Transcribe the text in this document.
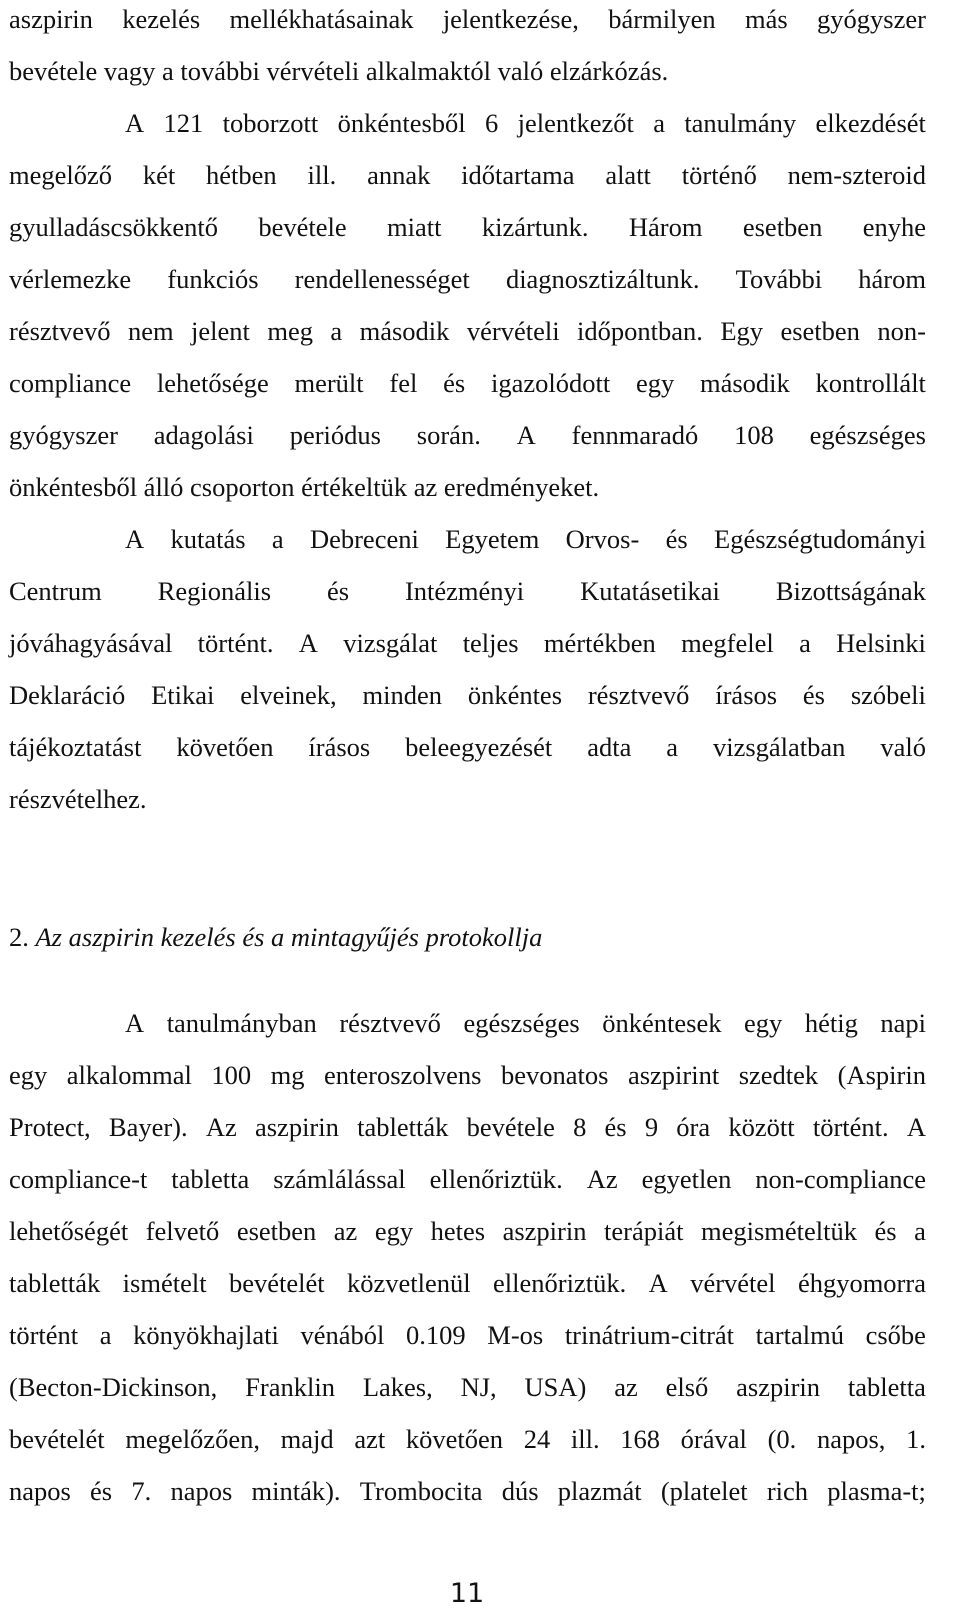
aszpirin kezelés mellékhatásainak jelentkezése, bármilyen más gyógyszer
bevétele vagy a további vérvételi alkalmaktól való elzárkózás.
A 121 toborzott önkéntesből 6 jelentkezőt a tanulmány elkezdését
megelőző két hétben ill. annak időtartama alatt történő nem-szteroid
gyulladáscsökkentő bevétele miatt kizártunk. Három esetben enyhe
vérlemezke funkciós rendellenességet diagnosztizáltunk. További három
résztvevő nem jelent meg a második vérvételi időpontban. Egy esetben non-
compliance lehetősége merült fel és igazolódott egy második kontrollált
gyógyszer adagolási periódus során. A fennmaradó 108 egészséges
önkéntesből álló csoporton értékeltük az eredményeket.
A kutatás a Debreceni Egyetem Orvos- és Egészségtudományi
Centrum Regionális és Intézményi Kutatásetikai Bizottságának
jóváhagyásával történt. A vizsgálat teljes mértékben megfelel a Helsinki
Deklaráció Etikai elveinek, minden önkéntes résztvevő írásos és szóbeli
tájékoztatást követően írásos beleegyezését adta a vizsgálatban való
részvételhez.
2. Az aszpirin kezelés és a mintagyűjés protokollja
A tanulmányban résztvevő egészséges önkéntesek egy hétig napi
egy alkalommal 100 mg enteroszolvens bevonatos aszpirint szedtek (Aspirin
Protect, Bayer). Az aszpirin tabletták bevétele 8 és 9 óra között történt. A
compliance-t tabletta számlálással ellenőriztük. Az egyetlen non-compliance
lehetőségét felvető esetben az egy hetes aszpirin terápiát megismételtük és a
tabletták ismételt bevételét közvetlenül ellenőriztük. A vérvétel éhgyomorra
történt a könyökhajlati vénából 0.109 M-os trinátrium-citrát tartalmú csőbe
(Becton-Dickinson, Franklin Lakes, NJ, USA) az első aszpirin tabletta
bevételét megelőzően, majd azt követően 24 ill. 168 órával (0. napos, 1.
napos és 7. napos minták). Trombocita dús plazmát (platelet rich plasma-t;
11
